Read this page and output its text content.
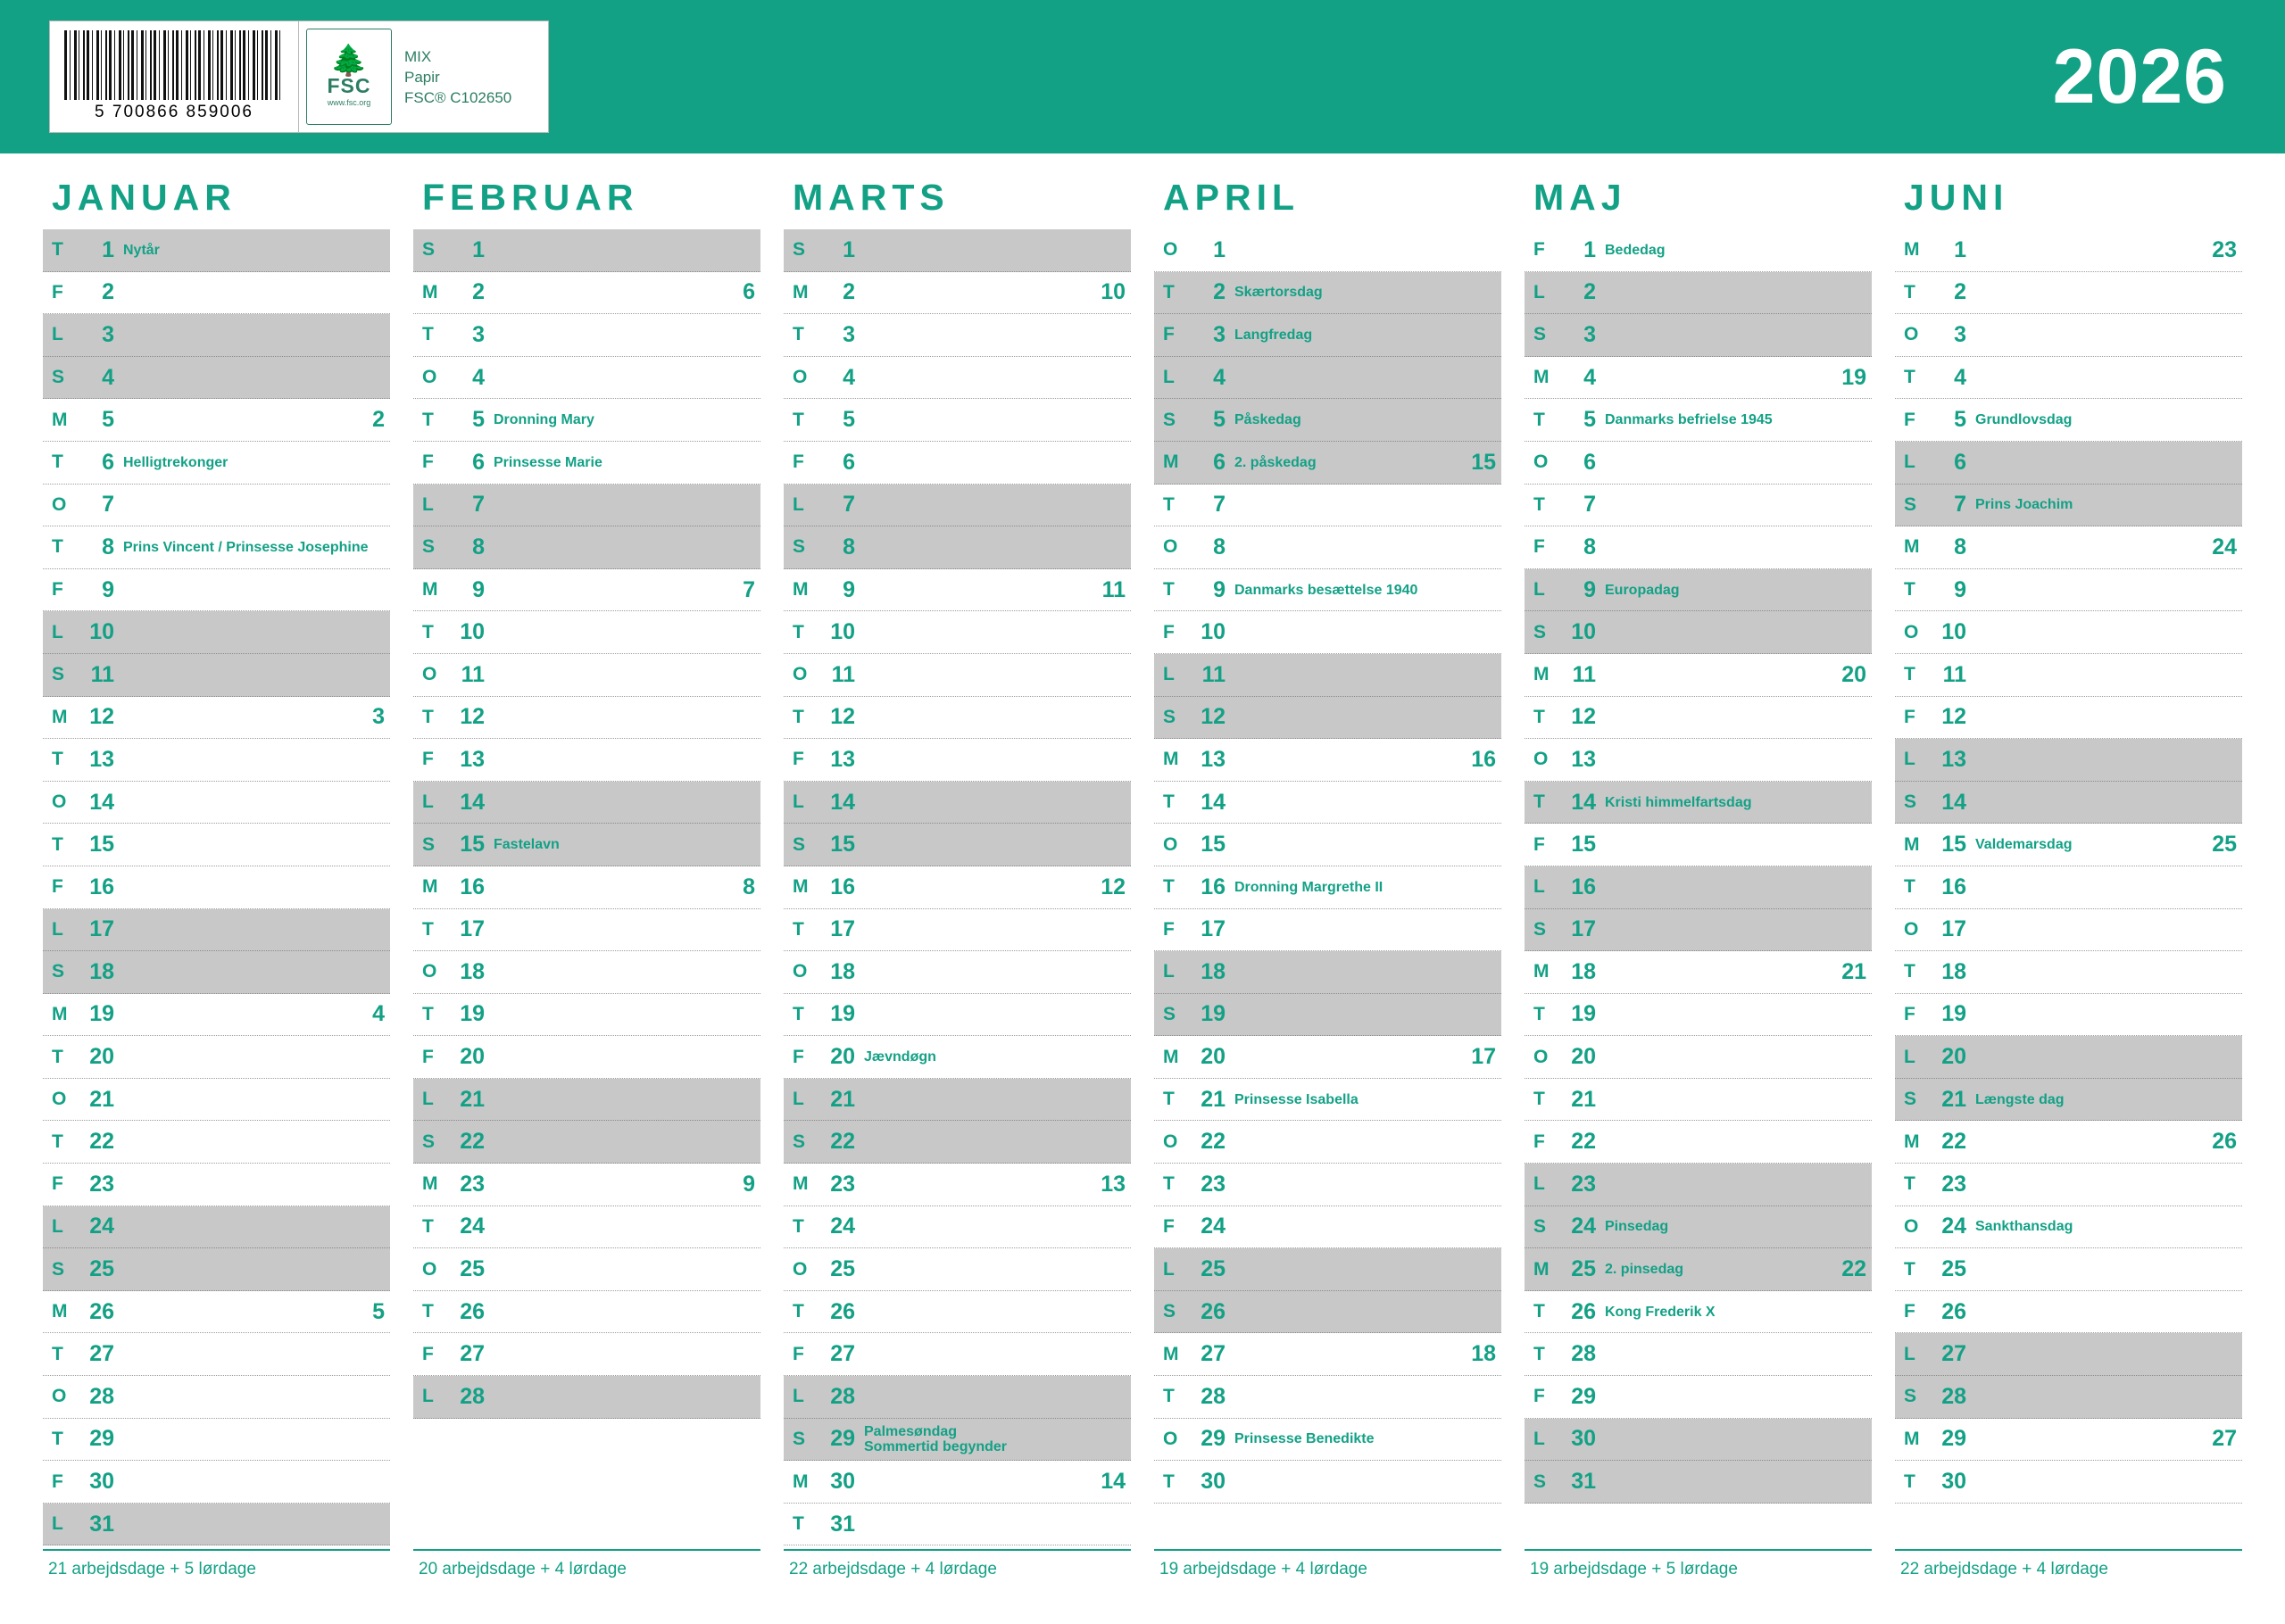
5 700866 859006
🌲
FSC
www.fsc.org
MIX
Papir
FSC® C102650	2026
JANUAR
T	1 Nytår
F	2
L	3
S	4
M	5	2
T	6 Helligtrekonger
O	7
T	8 Prins Vincent / Prinsesse Josephine
F	9
L	10
S	11
M 12	3
T	13
O	14
T	15
F	16
L	17
S	18
M 19	4
T	20
O	21
T	22
F	23
L	24
S	25
M 26	5
T	27
O	28
T	29
F	30
L	31
21 arbejdsdage + 5 lørdage
FEBRUAR
S	1
M	2	6
T	3
O	4
T	5 Dronning Mary
F	6 Prinsesse Marie
L	7
S	8
M	9	7
T	10
O	11
T	12
F	13
L	14
S	15 Fastelavn
M 16	8
T	17
O	18
T	19
F	20
L	21
S	22
M 23	9
T	24
O	25
T	26
F	27
L	28
20 arbejdsdage + 4 lørdage
MARTS
S	1
M	2	10
T	3
O	4
T	5
F	6
L	7
S	8
M	9	11
T	10
O	11
T	12
F	13
L	14
S	15
M 16	12
T	17
O	18
T	19
F	20 Jævndøgn
L	21
S	22
M 23	13
T	24
O	25
T	26
F	27
L	28
S	29 Palmesøndag
Sommertid begynder
M 30	14
T	31
22 arbejdsdage + 4 lørdage
APRIL
O	1
T	2 Skærtorsdag
F	3 Langfredag
L	4
S	5 Påskedag
M	6 2. påskedag	15
T	7
O	8
T	9 Danmarks besættelse 1940
F	10
L	11
S	12
M 13	16
T	14
O	15
T	16 Dronning Margrethe II
F	17
L	18
S	19
M 20	17
T	21 Prinsesse Isabella
O	22
T	23
F	24
L	25
S	26
M 27	18
T	28
O	29 Prinsesse Benedikte
T	30
19 arbejdsdage + 4 lørdage
MAJ
F	1 Bededag
L	2
S	3
M	4	19
T	5 Danmarks befrielse 1945
O	6
T	7
F	8
L	9 Europadag
S	10
M	11	20
T	12
O	13
T	14 Kristi himmelfartsdag
F	15
L	16
S	17
M 18	21
T	19
O	20
T	21
F	22
L	23
S	24 Pinsedag
M 25 2. pinsedag	22
T	26 Kong Frederik X
T	28
F	29
L	30
S	31
19 arbejdsdage + 5 lørdage
JUNI
M	1	23
T	2
O	3
T	4
F	5 Grundlovsdag
L	6
S	7 Prins Joachim
M	8	24
T	9
O	10
T	11
F	12
L	13
S	14
M 15 Valdemarsdag	25
T	16
O	17
T	18
F	19
L	20
S	21 Længste dag
M 22	26
T	23
O	24 Sankthansdag
T	25
F	26
L	27
S	28
M 29	27
T	30
22 arbejdsdage + 4 lørdage
